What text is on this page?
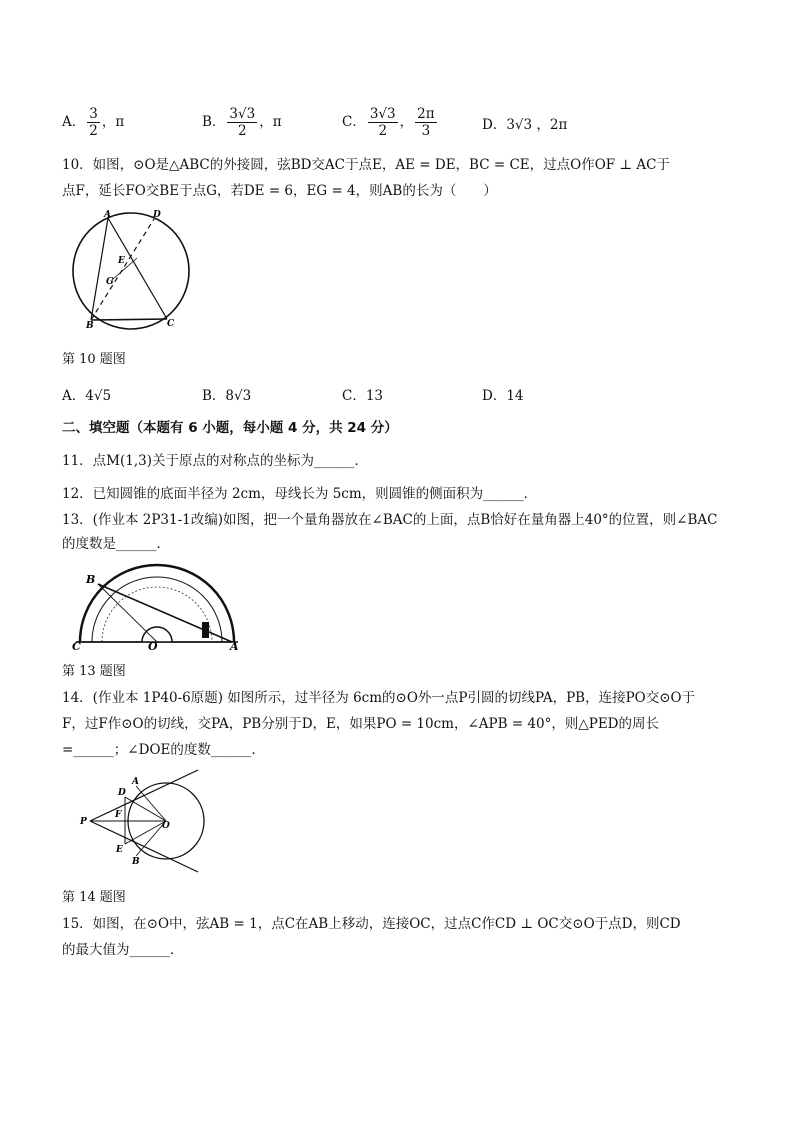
A． $\frac{3}{2}$ ，π	B． $\frac{3√3}{2}$ ，π	C． $\frac{3√3}{2}$ ， $\frac{2\pi}{3}$	D．3√3 ，2π
10．如图，⊙O是△ABC的外接圆，弦BD交AC于点E，AE = DE，BC = CE，过点O作OF ⊥ AC于
点F，延长FO交BE于点G，若DE = 6，EG = 4，则AB的长为（　　）
A	D
E
G
B	C
第 10 题图
A．4√5	B．8√3	C．13	D．14
二、填空题（本题有 6 小题，每小题 4 分，共 24 分）
11．点M(1,3)关于原点的对称点的坐标为______．
12．已知圆锥的底面半径为 2cm，母线长为 5cm，则圆锥的侧面积为______．
13．(作业本 2P31-1改编)如图，把一个量角器放在∠BAC的上面，点B恰好在量角器上40°的位置，则∠BAC
的度数是______．
B
C	O	A
第 13 题图
14．(作业本 1P40-6原题) 如图所示，过半径为 6cm的⊙O外一点P引圆的切线PA，PB，连接PO交⊙O于
F，过F作⊙O的切线，交PA，PB分别于D，E，如果PO = 10cm，∠APB = 40°，则△PED的周长
=______；∠DOE的度数______．
A
D
P
F
O
E
B
第 14 题图
15．如图，在⊙O中，弦AB = 1，点C在AB上移动，连接OC，过点C作CD ⊥ OC交⊙O于点D，则CD
的最大值为______．
